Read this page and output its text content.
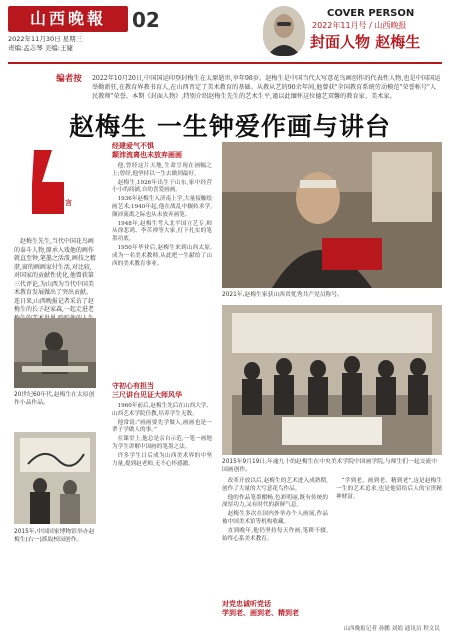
山西晚報	02
2022年11月30日 星期三
责编:孟志琴 美编:王婕
COVER PERSON
2022年11月号 / 山西晚报
封面人物 赵梅生
编者按 2022年10月20日,中国国运印登封梅生在太原逝世,享年98岁。赵梅生是中国当代大写意花鸟画创作的代表性人物,也是中国国运举勤新狂,在教育界教书育人,在山西晋定了美术教育的基础。从教从艺的90余年间,他曾获"全国教育系统劳动模范"荣誉称号"人民教师"荣誉。本期《封面人物》,特别介绍赵梅生先生的艺术生平,谨以此缅怀这位德艺双馨的教育家、美术家。
赵梅生 一生钟爱作画与讲台
引言
赵梅生先生,当代中国花鸟画的泰斗人物,原承入戏他的画作就直至钟,笔墨之活泼,画技之精湛,窗的画画家付生活,对比较,对国家的贡献性优化,他曾获第三代评论,为山西为当代中国美术教育发展做出了突出贡献。连日来,山西晚报记者采访了赵梅生的长子赵家森,一起走进老
20世纪60年代,赵梅生在太原创作小品作品。
2015年,中国国家博物馆举办赵梅生(右一)抓取校园创作。
经建爱气不惧
颠沛流离也未放弃画画

他,曾经这片天地,生命呈现在画幅之上;曾经,他坚持以一生去做到最好。

赵梅生,1926年出生于山东,家中经营小小的商铺,自幼喜爱画画。

1936年赵梅生入济南上学,大量接触绘画艺术;1940年起,他在战乱中辗转求学,颠沛流离之际也从未放弃画笔。

1948年,赵梅生考入北平国立艺专,师从徐悲鸿、李苦禅等大家,打下扎实的笔墨功底。

1950年毕业后,赵梅生来到山西太原,成为一名美术教师,从此把一生献给了山西的美术教育事业。

2021年,赵梅生家获山西省优秀共产党员称号。
2015年9月19日,年逾九十的赵梅生在中央美术学院中国画学院,与师生们一起交流中国画创作。
守初心有担当
三尺讲台见证大师风华

1960年前后,赵梅生先后在山西大学、山西艺术学院任教,培养学生无数。

他常说:“画画要先学做人,画画也是一辈子学做人的事。”

在课堂上,他总是亲自示范,一笔一画地为学生讲解中国画的笔墨之法。

许多学生日后成为山西美术界的中坚力量,提到赵老师,无不心怀感激。

改革开放以后,赵梅生的艺术进入成熟期,创作了大量的大写意花鸟作品。

他的作品笔墨酣畅,色彩明丽,既有传统的深厚功力,又有时代的新鲜气息。

赵梅生多次在国内外举办个人画展,作品被中国美术馆等机构收藏。

直到晚年,他仍坚持每天作画,笔耕不辍,始终心系美术教育。

对党忠诚听党话
学到老、画到老、精到老

“学到老、画到老、精到老”,这是赵梅生一生的艺术追求,也是他留给后人的宝贵精神财富。

山西晚报记者 孙鹏 刘娟 通讯员 程文民
